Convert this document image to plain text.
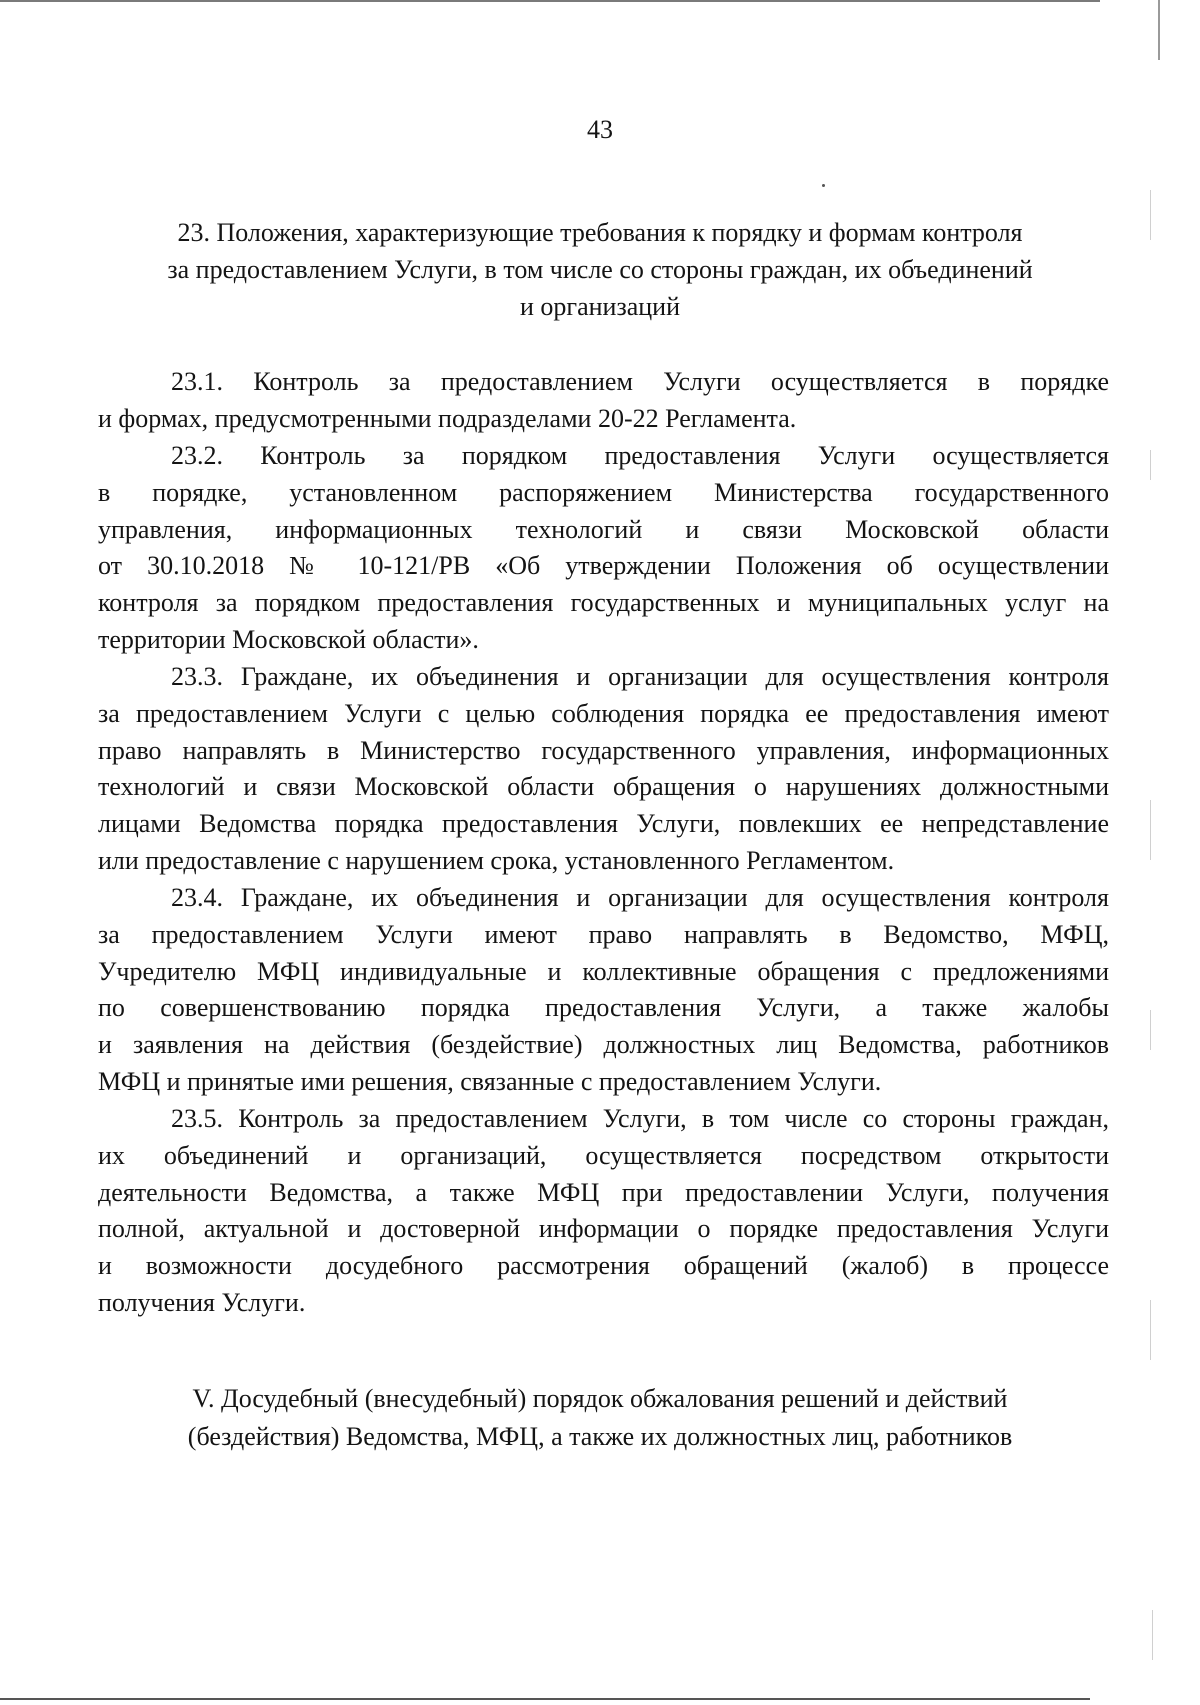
43
23. Положения, характеризующие требования к порядку и формам контроля
за предоставлением Услуги, в том числе со стороны граждан, их объединений
и организаций
23.1. Контроль за предоставлением Услуги осуществляется в порядке
и формах, предусмотренными подразделами 20-22 Регламента.
23.2. Контроль за порядком предоставления Услуги осуществляется
в порядке, установленном распоряжением Министерства государственного
управления, информационных технологий и связи Московской области
от 30.10.2018 № 10-121/РВ «Об утверждении Положения об осуществлении
контроля за порядком предоставления государственных и муниципальных услуг на
территории Московской области».
23.3. Граждане, их объединения и организации для осуществления контроля
за предоставлением Услуги с целью соблюдения порядка ее предоставления имеют
право направлять в Министерство государственного управления, информационных
технологий и связи Московской области обращения о нарушениях должностными
лицами Ведомства порядка предоставления Услуги, повлекших ее непредставление
или предоставление с нарушением срока, установленного Регламентом.
23.4. Граждане, их объединения и организации для осуществления контроля
за предоставлением Услуги имеют право направлять в Ведомство, МФЦ,
Учредителю МФЦ индивидуальные и коллективные обращения с предложениями
по совершенствованию порядка предоставления Услуги, а также жалобы
и заявления на действия (бездействие) должностных лиц Ведомства, работников
МФЦ и принятые ими решения, связанные с предоставлением Услуги.
23.5. Контроль за предоставлением Услуги, в том числе со стороны граждан,
их объединений и организаций, осуществляется посредством открытости
деятельности Ведомства, а также МФЦ при предоставлении Услуги, получения
полной, актуальной и достоверной информации о порядке предоставления Услуги
и возможности досудебного рассмотрения обращений (жалоб) в процессе
получения Услуги.
V. Досудебный (внесудебный) порядок обжалования решений и действий
(бездействия) Ведомства, МФЦ, а также их должностных лиц, работников
